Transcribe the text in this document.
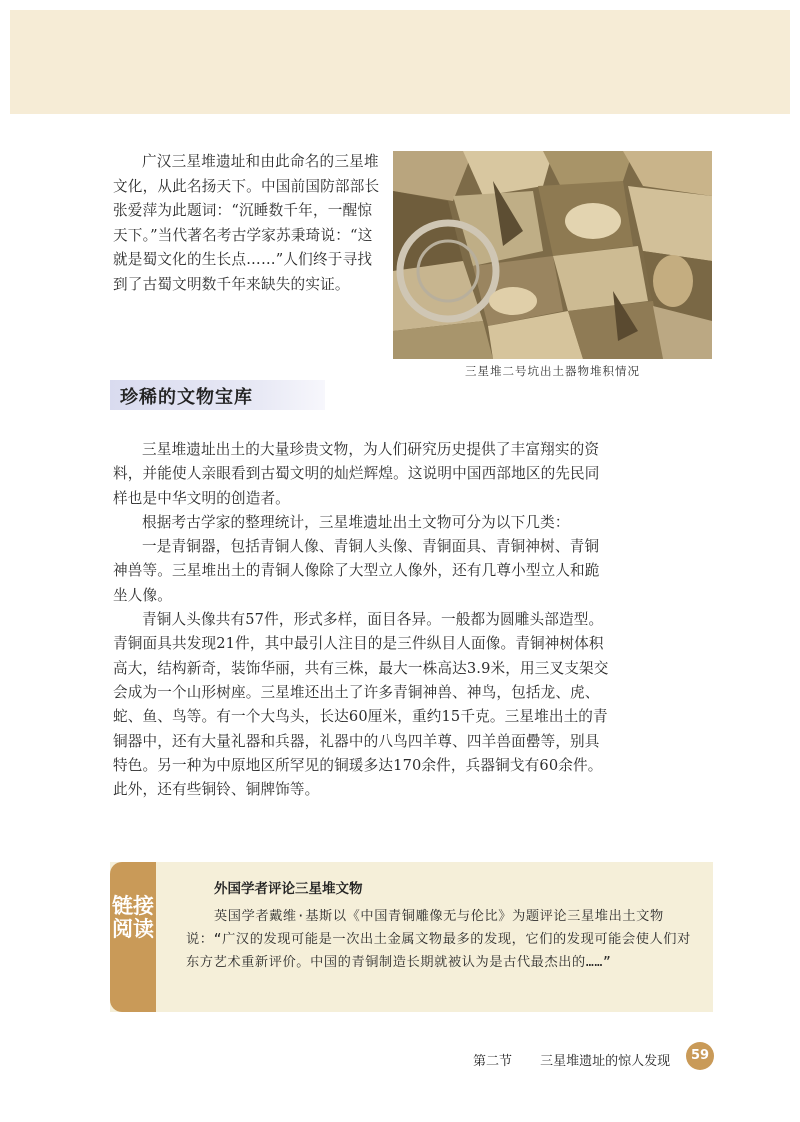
广汉三星堆遗址和由此命名的三星堆文化，从此名扬天下。中国前国防部部长张爱萍为此题词：“沉睡数千年，一醒惊天下。”当代著名考古学家苏秉琦说：“这就是蜀文化的生长点……”人们终于寻找到了古蜀文明数千年来缺失的实证。

三星堆二号坑出土器物堆积情况
珍稀的文物宝库

三星堆遗址出土的大量珍贵文物，为人们研究历史提供了丰富翔实的资料，并能使人亲眼看到古蜀文明的灿烂辉煌。这说明中国西部地区的先民同样也是中华文明的创造者。

根据考古学家的整理统计，三星堆遗址出土文物可分为以下几类：

一是青铜器，包括青铜人像、青铜人头像、青铜面具、青铜神树、青铜神兽等。三星堆出土的青铜人像除了大型立人像外，还有几尊小型立人和跪坐人像。

青铜人头像共有57件，形式多样，面目各异。一般都为圆雕头部造型。青铜面具共发现21件，其中最引人注目的是三件纵目人面像。青铜神树体积高大，结构新奇，装饰华丽，共有三株，最大一株高达3.9米，用三叉支架交会成为一个山形树座。三星堆还出土了许多青铜神兽、神鸟，包括龙、虎、蛇、鱼、鸟等。有一个大鸟头，长达60厘米，重约15千克。三星堆出土的青铜器中，还有大量礼器和兵器，礼器中的八鸟四羊尊、四羊兽面罍等，别具特色。另一种为中原地区所罕见的铜瑗多达170余件，兵器铜戈有60余件。此外，还有些铜铃、铜牌饰等。

链接阅读
外国学者评论三星堆文物

英国学者戴维·基斯以《中国青铜雕像无与伦比》为题评论三星堆出土文物说：“广汉的发现可能是一次出土金属文物最多的发现，它们的发现可能会使人们对东方艺术重新评价。中国的青铜制造长期就被认为是古代最杰出的……”

第二节 三星堆遗址的惊人发现	59
